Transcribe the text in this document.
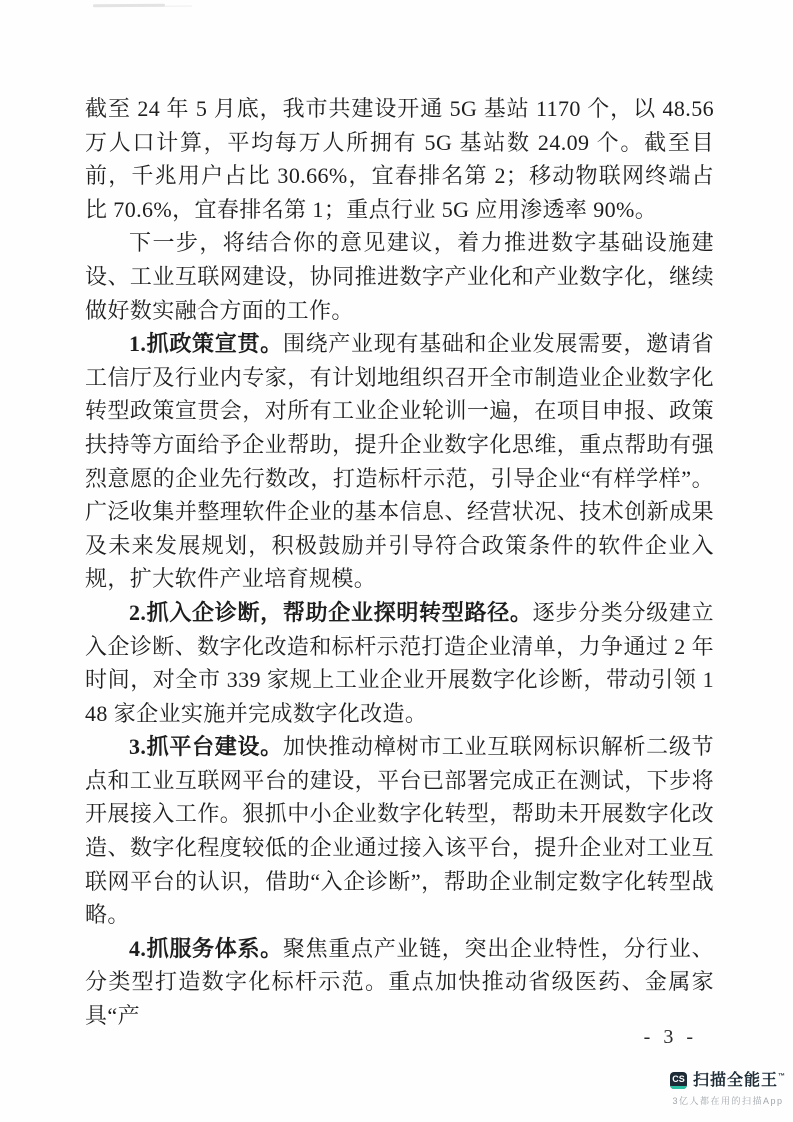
截至 24 年 5 月底，我市共建设开通 5G 基站 1170 个，以 48.56 万人口计算，平均每万人所拥有 5G 基站数 24.09 个。截至目前，千兆用户占比 30.66%，宜春排名第 2；移动物联网终端占比 70.6%，宜春排名第 1；重点行业 5G 应用渗透率 90%。

下一步，将结合你的意见建议，着力推进数字基础设施建设、工业互联网建设，协同推进数字产业化和产业数字化，继续做好数实融合方面的工作。

1.抓政策宣贯。围绕产业现有基础和企业发展需要，邀请省工信厅及行业内专家，有计划地组织召开全市制造业企业数字化转型政策宣贯会，对所有工业企业轮训一遍，在项目申报、政策扶持等方面给予企业帮助，提升企业数字化思维，重点帮助有强烈意愿的企业先行数改，打造标杆示范，引导企业“有样学样”。广泛收集并整理软件企业的基本信息、经营状况、技术创新成果及未来发展规划，积极鼓励并引导符合政策条件的软件企业入规，扩大软件产业培育规模。

2.抓入企诊断，帮助企业探明转型路径。逐步分类分级建立入企诊断、数字化改造和标杆示范打造企业清单，力争通过 2 年时间，对全市 339 家规上工业企业开展数字化诊断，带动引领 148 家企业实施并完成数字化改造。

3.抓平台建设。加快推动樟树市工业互联网标识解析二级节点和工业互联网平台的建设，平台已部署完成正在测试，下步将开展接入工作。狠抓中小企业数字化转型，帮助未开展数字化改造、数字化程度较低的企业通过接入该平台，提升企业对工业互联网平台的认识，借助“入企诊断”，帮助企业制定数字化转型战略。

4.抓服务体系。聚焦重点产业链，突出企业特性，分行业、分类型打造数字化标杆示范。重点加快推动省级医药、金属家具“产

- 3 -
CS 扫描全能王™
3亿人都在用的扫描App
